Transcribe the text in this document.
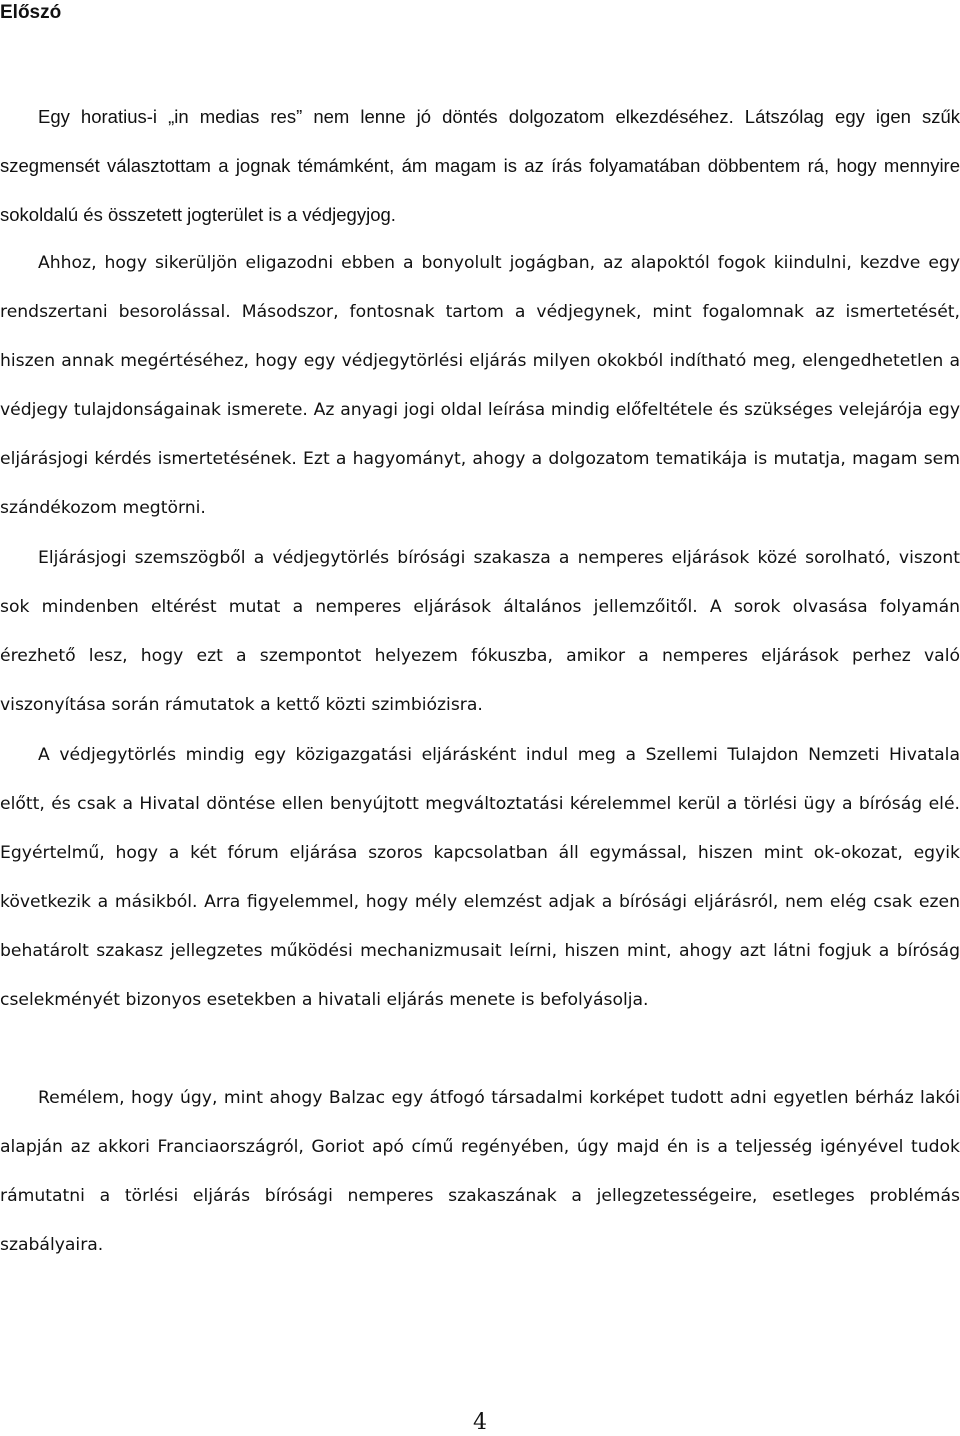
Előszó

Egy horatius-i „in medias res” nem lenne jó döntés dolgozatom elkezdéséhez. Látszólag egy igen szűk szegmensét választottam a jognak témámként, ám magam is az írás folyamatában döbbentem rá, hogy mennyire sokoldalú és összetett jogterület is a védjegyjog.

Ahhoz, hogy sikerüljön eligazodni ebben a bonyolult jogágban, az alapoktól fogok kiindulni, kezdve egy rendszertani besorolással. Másodszor, fontosnak tartom a védjegynek, mint fogalomnak az ismertetését, hiszen annak megértéséhez, hogy egy védjegytörlési eljárás milyen okokból indítható meg, elengedhetetlen a védjegy tulajdonságainak ismerete. Az anyagi jogi oldal leírása mindig előfeltétele és szükséges velejárója egy eljárásjogi kérdés ismertetésének. Ezt a hagyományt, ahogy a dolgozatom tematikája is mutatja, magam sem szándékozom megtörni.

Eljárásjogi szemszögből a védjegytörlés bírósági szakasza a nemperes eljárások közé sorolható, viszont sok mindenben eltérést mutat a nemperes eljárások általános jellemzőitől. A sorok olvasása folyamán érezhető lesz, hogy ezt a szempontot helyezem fókuszba, amikor a nemperes eljárások perhez való viszonyítása során rámutatok a kettő közti szimbiózisra.

A védjegytörlés mindig egy közigazgatási eljárásként indul meg a Szellemi Tulajdon Nemzeti Hivatala előtt, és csak a Hivatal döntése ellen benyújtott megváltoztatási kérelemmel kerül a törlési ügy a bíróság elé. Egyértelmű, hogy a két fórum eljárása szoros kapcsolatban áll egymással, hiszen mint ok-okozat, egyik következik a másikból. Arra figyelemmel, hogy mély elemzést adjak a bírósági eljárásról, nem elég csak ezen behatárolt szakasz jellegzetes működési mechanizmusait leírni, hiszen mint, ahogy azt látni fogjuk a bíróság cselekményét bizonyos esetekben a hivatali eljárás menete is befolyásolja.

Remélem, hogy úgy, mint ahogy Balzac egy átfogó társadalmi korképet tudott adni egyetlen bérház lakói alapján az akkori Franciaországról, Goriot apó című regényében, úgy majd én is a teljesség igényével tudok rámutatni a törlési eljárás bírósági nemperes szakaszának a jellegzetességeire, esetleges problémás szabályaira.

4
